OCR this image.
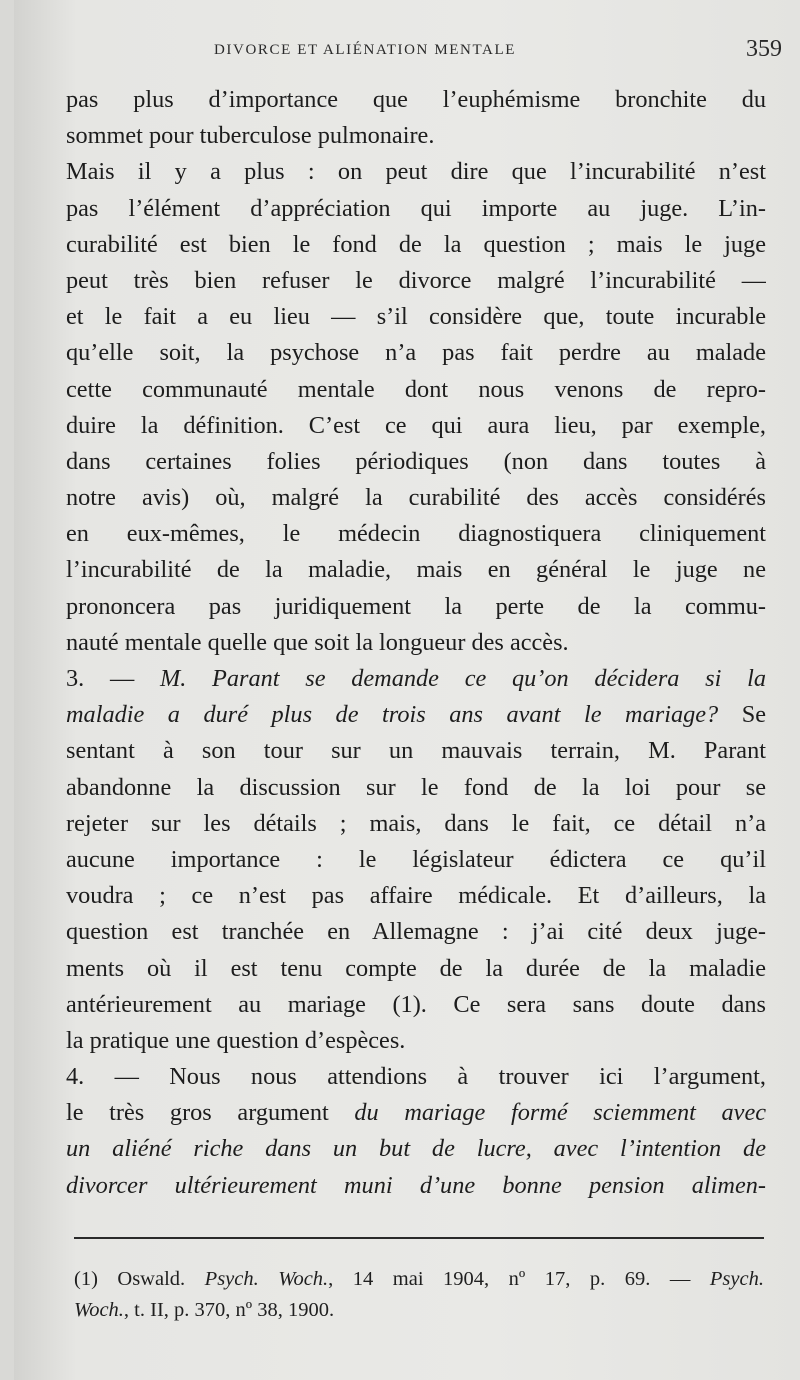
DIVORCE ET ALIÉNATION MENTALE	359
pas plus d’importance que l’euphémisme bronchite du
sommet pour tuberculose pulmonaire.
Mais il y a plus : on peut dire que l’incurabilité n’est
pas l’élément d’appréciation qui importe au juge. L’in-
curabilité est bien le fond de la question ; mais le juge
peut très bien refuser le divorce malgré l’incurabilité —
et le fait a eu lieu — s’il considère que, toute incurable
qu’elle soit, la psychose n’a pas fait perdre au malade
cette communauté mentale dont nous venons de repro-
duire la définition. C’est ce qui aura lieu, par exemple,
dans certaines folies périodiques (non dans toutes à
notre avis) où, malgré la curabilité des accès considérés
en eux-mêmes, le médecin diagnostiquera cliniquement
l’incurabilité de la maladie, mais en général le juge ne
prononcera pas juridiquement la perte de la commu-
nauté mentale quelle que soit la longueur des accès.
3. — M. Parant se demande ce qu’on décidera si la
maladie a duré plus de trois ans avant le mariage? Se
sentant à son tour sur un mauvais terrain, M. Parant
abandonne la discussion sur le fond de la loi pour se
rejeter sur les détails ; mais, dans le fait, ce détail n’a
aucune importance : le législateur édictera ce qu’il
voudra ; ce n’est pas affaire médicale. Et d’ailleurs, la
question est tranchée en Allemagne : j’ai cité deux juge-
ments où il est tenu compte de la durée de la maladie
antérieurement au mariage (1). Ce sera sans doute dans
la pratique une question d’espèces.
4. — Nous nous attendions à trouver ici l’argument,
le très gros argument du mariage formé sciemment avec
un aliéné riche dans un but de lucre, avec l’intention de
divorcer ultérieurement muni d’une bonne pension alimen-
(1) Oswald. Psych. Woch., 14 mai 1904, nº 17, p. 69. — Psych.
Woch., t. II, p. 370, nº 38, 1900.
